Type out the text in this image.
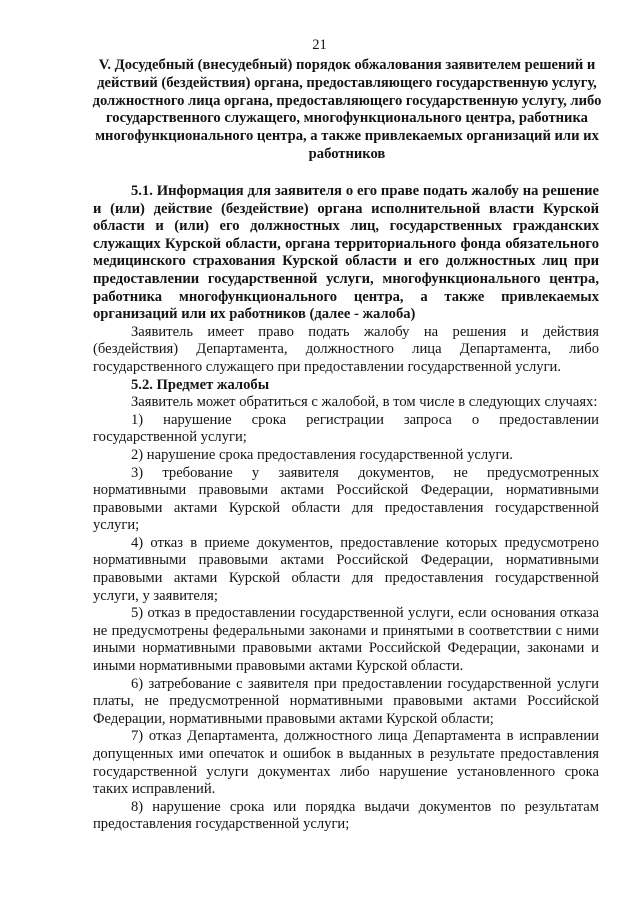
21
V. Досудебный (внесудебный) порядок обжалования заявителем решений и действий (бездействия) органа, предоставляющего государственную услугу, должностного лица органа, предоставляющего государственную услугу, либо государственного служащего, многофункционального центра, работника многофункционального центра, а также привлекаемых организаций или их работников

5.1. Информация для заявителя о его праве подать жалобу на решение и (или) действие (бездействие) органа исполнительной власти Курской области и (или) его должностных лиц, государственных гражданских служащих Курской области, органа территориального фонда обязательного медицинского страхования Курской области и его должностных лиц при предоставлении государственной услуги, многофункционального центра, работника многофункционального центра, а также привлекаемых организаций или их работников (далее - жалоба)

Заявитель имеет право подать жалобу на решения и действия (бездействия) Департамента, должностного лица Департамента, либо государственного служащего при предоставлении государственной услуги.

5.2. Предмет жалобы

Заявитель может обратиться с жалобой, в том числе в следующих случаях:

1) нарушение срока регистрации запроса о предоставлении государственной услуги;

2) нарушение срока предоставления государственной услуги.

3) требование у заявителя документов, не предусмотренных нормативными правовыми актами Российской Федерации, нормативными правовыми актами Курской области для предоставления государственной услуги;

4) отказ в приеме документов, предоставление которых предусмотрено нормативными правовыми актами Российской Федерации, нормативными правовыми актами Курской области для предоставления государственной услуги, у заявителя;

5) отказ в предоставлении государственной услуги, если основания отказа не предусмотрены федеральными законами и принятыми в соответствии с ними иными нормативными правовыми актами Российской Федерации, законами и иными нормативными правовыми актами Курской области.

6) затребование с заявителя при предоставлении государственной услуги платы, не предусмотренной нормативными правовыми актами Российской Федерации, нормативными правовыми актами Курской области;

7) отказ Департамента, должностного лица Департамента в исправлении допущенных ими опечаток и ошибок в выданных в результате предоставления государственной услуги документах либо нарушение установленного срока таких исправлений.

8) нарушение срока или порядка выдачи документов по результатам предоставления государственной услуги;
